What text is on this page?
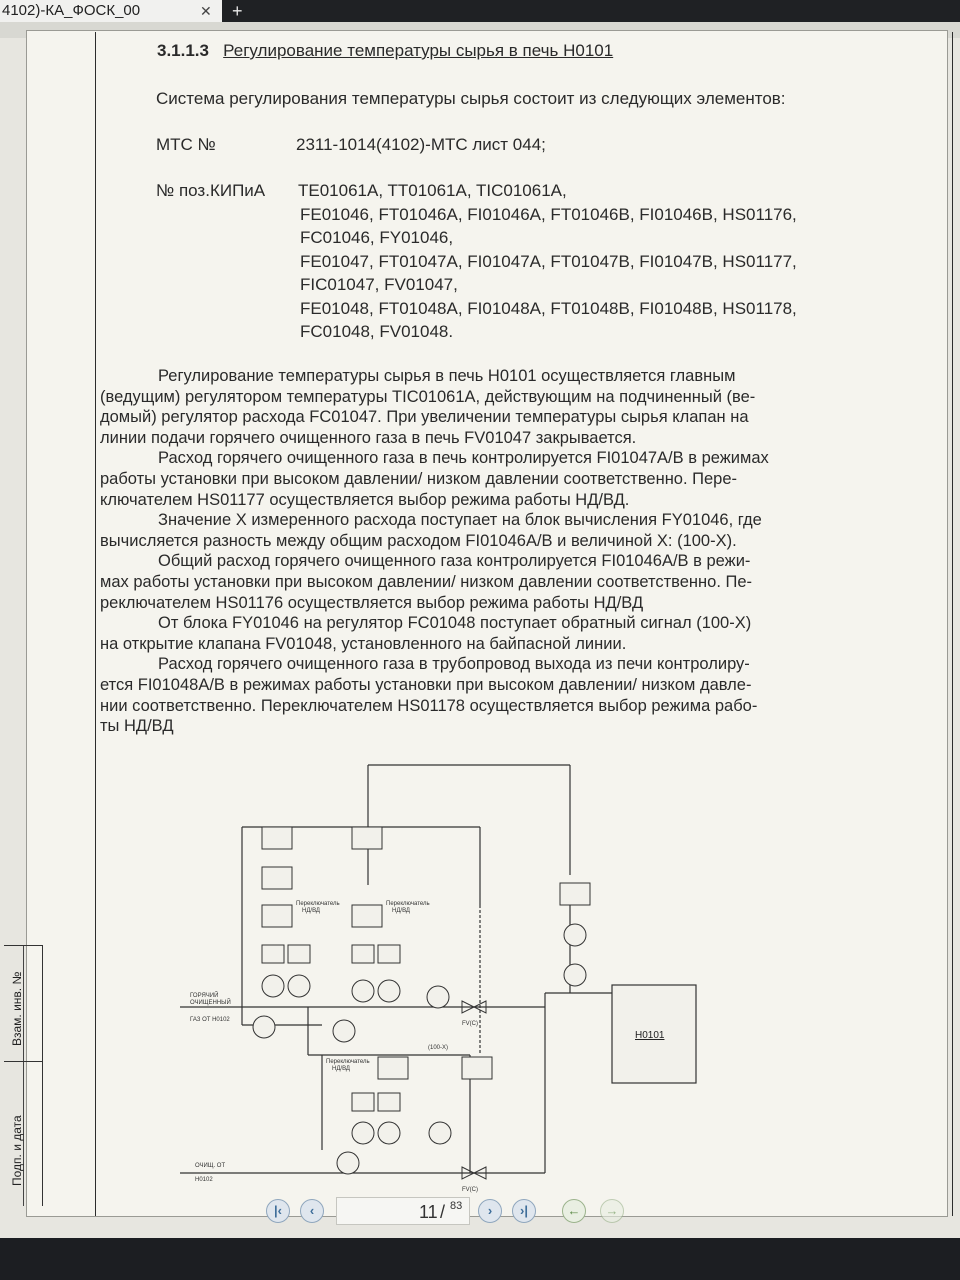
4102)-КА_ФОСК_00	✕ +
Взам. инв. №
Подп. и дата
3.1.1.3 Регулирование температуры сырья в печь Н0101
Система регулирования температуры сырья состоит из следующих элементов:
МТС №	2311-1014(4102)-МТС лист 044;
№ поз.КИПиА TE01061A, TT01061A, TIC01061A,
FE01046, FT01046A, FI01046A, FT01046B, FI01046B, HS01176,
FC01046, FY01046,
FE01047, FT01047A, FI01047A, FT01047B, FI01047B, HS01177,
FIC01047, FV01047,
FE01048, FT01048A, FI01048A, FT01048B, FI01048B, HS01178,
FC01048, FV01048.
Регулирование температуры сырья в печь Н0101 осуществляется главным
(ведущим) регулятором температуры TIC01061A, действующим на подчиненный (ве-
домый) регулятор расхода FC01047. При увеличении температуры сырья клапан на
линии подачи горячего очищенного газа в печь FV01047 закрывается.
Расход горячего очищенного газа в печь контролируется FI01047A/B в режимах
работы установки при высоком давлении/ низком давлении соответственно. Пере-
ключателем HS01177 осуществляется выбор режима работы НД/ВД.
Значение X измеренного расхода поступает на блок вычисления FY01046, где
вычисляется разность между общим расходом FI01046A/B и величиной X: (100-X).
Общий расход горячего очищенного газа контролируется FI01046A/B в режи-
мах работы установки при высоком давлении/ низком давлении соответственно. Пе-
реключателем HS01176 осуществляется выбор режима работы НД/ВД
От блока FY01046 на регулятор FC01048 поступает обратный сигнал (100-X)
на открытие клапана FV01048, установленного на байпасной линии.
Расход горячего очищенного газа в трубопровод выхода из печи контролиру-
ется FI01048A/B в режимах работы установки при высоком давлении/ низком давле-
нии соответственно. Переключателем HS01178 осуществляется выбор режима рабо-
ты НД/ВД
Н0101
Переключатель
НД/ВД
Переключатель
НД/ВД
Переключатель
НД/ВД
(100-X)
ГОРЯЧИЙ
ОЧИЩЕННЫЙ
ГАЗ ОТ Н0102
ОЧИЩ. ОТ
Н0102
FV(C)
FV(C)
|‹	‹	11 / 83	›	›|	←	→
